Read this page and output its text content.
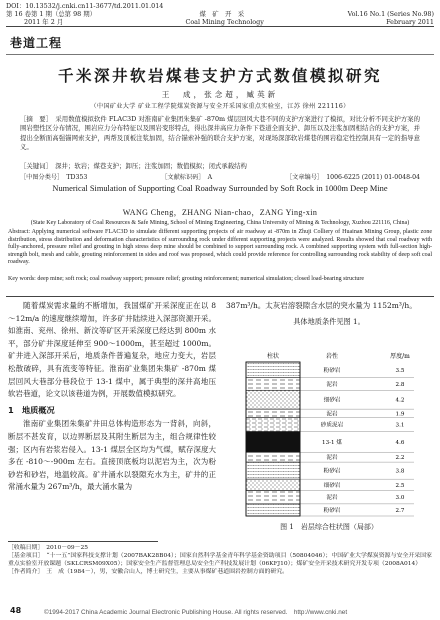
DOI：10.13532/j.cnki.cn11-3677/td.2011.01.014
第 16 卷第 1 期（总第 98 期）	煤　矿　开　采	Vol.16 No.1 (Series No.98)
2011 年 2 月	Coal Mining Technology	February 2011
巷道工程
千米深井软岩煤巷支护方式数值模拟研究
王　成，张念超，臧英新
（中国矿业大学 矿业工程学院煤炭资源与安全开采国家重点实验室，江苏 徐州 221116）
［摘　要］　采用数值模拟软件 FLAC3D 对淮南矿业集团朱集矿 -870m 煤层回风大巷不同的支护方案进行了模拟，对比分析不同支护方案的围岩塑性区分布情况，围岩应力分布特征以及围岩变形特点，得出深井高应力条件下巷道全面支护、卸压以及注浆加固相结合的支护方案，并提出全断面高强锚网索支护，两帮及顶板注浆加固，结合锚索补强的联合支护方案，对现场深部软岩煤巷的围岩稳定性控制具有一定的指导意义。
［关键词］　深井；软岩；煤巷支护；卸压；注浆加固；数值模拟；闭式承载结构
［中图分类号］　TD353	［文献标识码］　A	［文章编号］　1006-6225 (2011) 01-0048-04
Numerical Simulation of Supporting Coal Roadway Surrounded by Soft Rock in 1000m Deep Mine
WANG Cheng，ZHANG Nian-chao，ZANG Ying-xin
(State Key Laboratory of Coal Resources & Safe Mining, School of Mining Engineering, China University of Mining & Technology, Xuzhou 221116, China)
Abstract: Applying numerical software FLAC3D to simulate different supporting projects of air roadway at -870m in Zhuji Colliery of Huainan Mining Group, plastic zone distribution, stress distribution and deformation characteristics of surrounding rock under different supporting projects were analyzed. Results showed that coal roadway with fully-anchored, pressure relief and grouting in high stress deep mine should be combined to support surrounding rock. A combined supporting system with full-section high-strength bolt, mesh and cable, grouting reinforcement in sides and roof was proposed, which could provide reference for controlling surrounding rock stability of deep soft coal roadway.
Key words: deep mine; soft rock; coal roadway support; pressure relief; grouting reinforcement; numerical simulation; closed load-bearing structure

随着煤炭需求量的不断增加，我国煤矿开采深度正在以 8～12m/a 的速度继续增加，许多矿井陆续进入深部资源开采。如淮南、兖州、徐州、新汶等矿区开采深度已经达到 800m 水平，部分矿井深度延伸至 900～1000m，甚至超过 1000m。矿井进入深部开采后，地质条件普遍复杂，地应力变大，岩层松散破碎，具有流变等特征。淮南矿业集团朱集矿 -870m 煤层回风大巷部分巷段位于 13-1 煤中，属于典型的深井高地压软岩巷道，论文以该巷道为例，开展数值模拟研究。

1　地质概况

淮南矿业集团朱集矿井田总体构造形态为一背斜，向斜，断层不甚发育，以边界断层及其附生断层为主，组合规律性较强；区内有岩浆岩侵入。13-1 煤层全区均为气煤，赋存深度大多在 -810～-900m 左右。直接顶底板均以泥岩为主，次为粉砂岩和砂岩，地温较高。矿井涌水以裂隙充水为主，矿井的正常涌水量为 267m³/h，最大涌水量为

387m³/h。太灰岩溶裂隙含水层的突水量为 1152m³/h。

具体地质条件见图 1。

柱状	岩性	厚度/m
粉砂岩	3.5
泥岩	2.8
细砂岩	4.2
泥岩	1.9
砂质泥岩	3.1
13-1 煤	4.6
泥岩	2.2
粉砂岩	3.8
细砂岩	2.5
泥岩	3.0
粉砂岩	2.7
图 1　岩层综合柱状图（局部）

［收稿日期］　2010－09－25

［基金项目］　“十一五”国家科技支撑计划（2007BAK28B04）；国家自然科学基金青年科学基金资助项目（50804046）；中国矿业大学煤炭资源与安全开采国家重点实验室开放课题（SKLCRSM09X05）；国家安全生产监督管理总局安全生产科技发展计划（06KFJ10）；煤矿安全开采技术研究开发专项（2008A014）

［作者简介］　王　成（1984－），男，安徽合山人，博士研究生，主要从事煤矿巷道围岩控制方面的研究。

48	©1994-2017 China Academic Journal Electronic Publishing House. All rights reserved.　http://www.cnki.net
